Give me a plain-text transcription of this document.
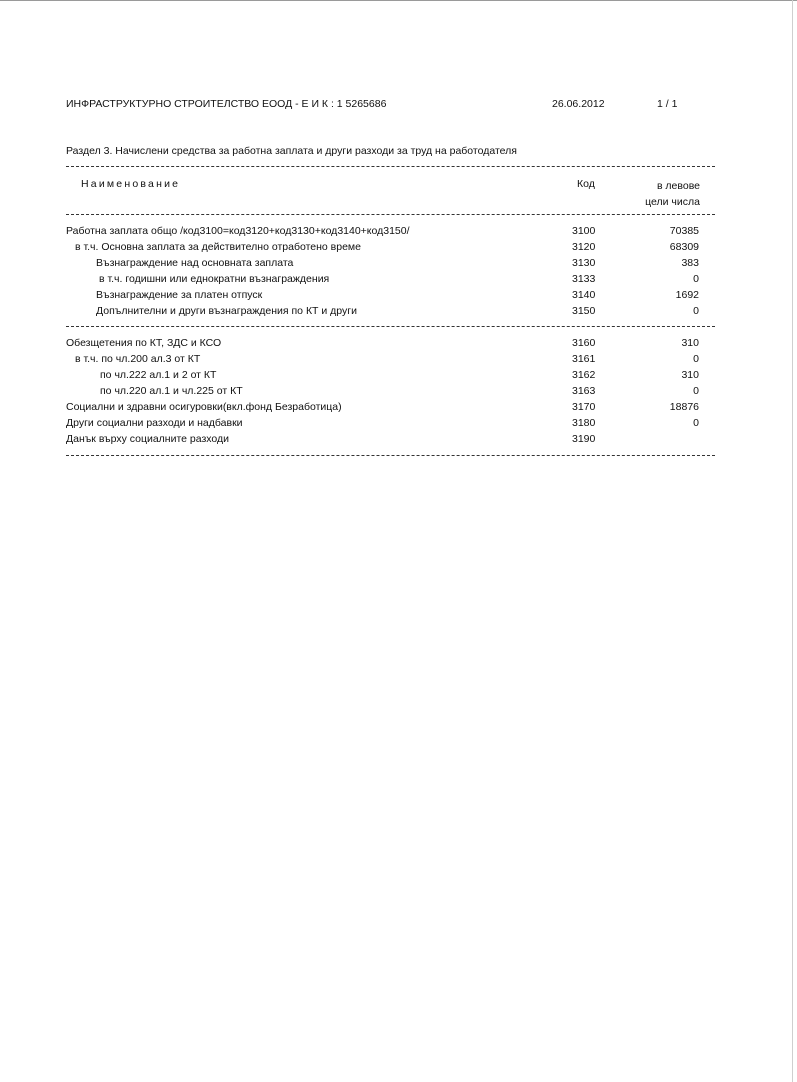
ИНФРАСТРУКТУРНО СТРОИТЕЛСТВО ЕООД - Е И К : 1 5265686	26.06.2012	1 / 1
Раздел 3. Начислени средства за работна заплата и други разходи за труд на работодателя
Наименование	Код	в левове
цели числа
Работна заплата общо /код3100=код3120+код3130+код3140+код3150/	3100	70385
в т.ч. Основна заплата за действително отработено време	3120	68309
Възнаграждение над основната заплата	3130	383
в т.ч. годишни или еднократни възнаграждения	3133	0
Възнаграждение за платен отпуск	3140	1692
Допълнителни и други възнаграждения по КТ и други	3150	0
Обезщетения по КТ, ЗДС и КСО	3160	310
в т.ч. по чл.200 ал.3 от КТ	3161	0
по чл.222 ал.1 и 2 от КТ	3162	310
по чл.220 ал.1 и чл.225 от КТ	3163	0
Социални и здравни осигуровки(вкл.фонд Безработица)	3170	18876
Други социални разходи и надбавки	3180	0
Данък върху социалните разходи	3190
